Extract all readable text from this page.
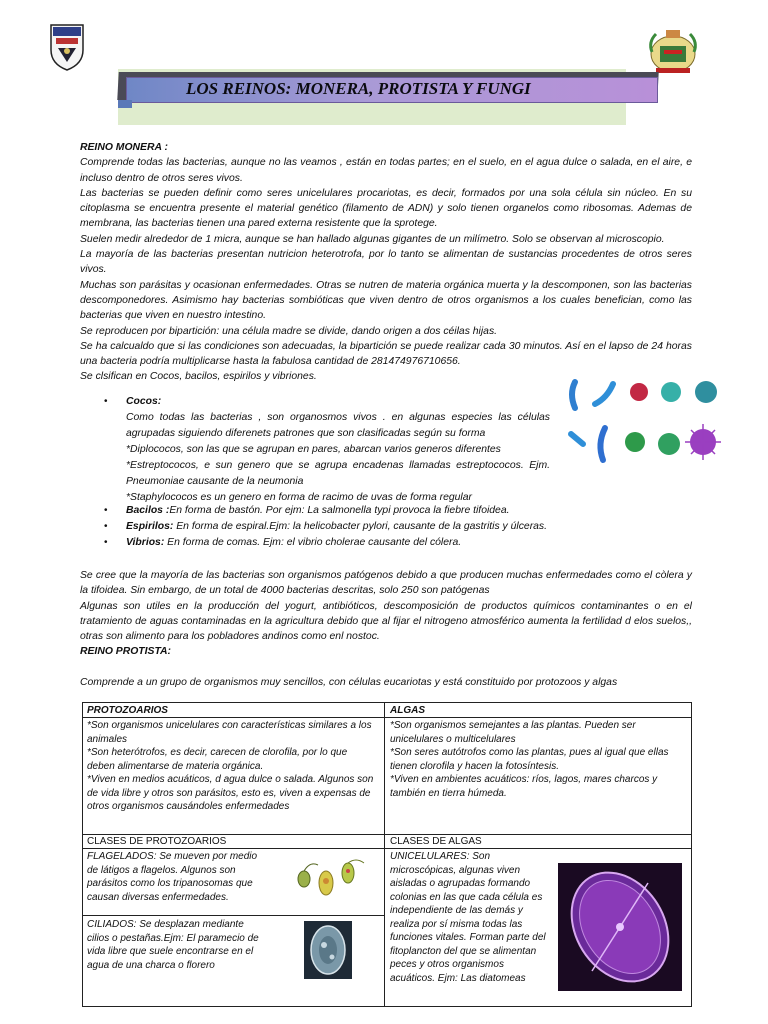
LOS REINOS: MONERA, PROTISTA Y FUNGI

REINO MONERA :

Comprende todas las bacterias, aunque no las veamos , están en todas partes; en el suelo, en el agua dulce o salada, en el aire, e incluso dentro de otros seres vivos.

Las bacterias se pueden definir como seres unicelulares procariotas, es decir, formados por una sola célula sin núcleo. En su citoplasma se encuentra presente el material genético (filamento de ADN) y solo tienen organelos como ribosomas. Ademas de membrana, las bacterias tienen una pared externa resistente que la sprotege.

Suelen medir alrededor de 1 micra, aunque se han hallado algunas gigantes de un milímetro. Solo se observan al microscopio.

La mayoría de las bacterias presentan nutricion heterotrofa, por lo tanto se alimentan de sustancias procedentes de otros seres vivos.

Muchas son parásitas y ocasionan enfermedades. Otras se nutren de materia orgánica muerta y la descomponen, son las bacterias descomponedores. Asimismo hay bacterias sombióticas que viven dentro de otros organismos a los cuales benefician, como las bacterias que viven en nuestro intestino.

Se reproducen por bipartición: una célula madre se divide, dando origen a dos céilas hijas.

Se ha calcualdo que si las condiciones son adecuadas, la bipartición se puede realizar cada 30 minutos. Así en el lapso de 24 horas una bacteria podría multiplicarse hasta la fabulosa cantidad de 281474976710656.

Se clsifican en Cocos, bacilos, espirilos y vibriones.

• Cocos:

Como todas las bacterias , son organosmos vivos . en algunas especies las células agrupadas siguiendo diferenets patrones que son clasificadas según su forma

*Diplococos, son las que se agrupan en pares, abarcan varios generos diferentes

*Estreptococos, e sun genero que se agrupa encadenas llamadas estreptococos. Ejm. Pneumoniae causante de la neumonia

*Staphylococos es un genero en forma de racimo de uvas de forma regular

• Bacilos :En forma de bastón. Por ejm: La salmonella typi provoca la fiebre tifoidea.
• Espirilos: En forma de espiral.Ejm: la helicobacter pylori, causante de la gastritis y úlceras.
• Vibrios: En forma de comas. Ejm: el vibrio cholerae causante del cólera.

Se cree que la mayoría de las bacterias son organismos patógenos debido a que producen muchas enfermedades como el còlera y la tifoidea. Sin embargo, de un total de 4000 bacterias descritas, solo 250 son patógenas

Algunas son utiles en la producción del yogurt, antibióticos, descomposición de productos químicos contaminantes o en el tratamiento de aguas contaminadas en la agricultura debido que al fijar el nitrogeno atmosférico aumenta la fertilidad d elos suelos,, otras son alimento para los pobladores andinos como enl nostoc.

REINO PROTISTA:

Comprende a un grupo de organismos muy sencillos, con células eucariotas y está constituido por protozoos y algas
PROTOZOARIOS	ALGAS

*Son organismos unicelulares con características similares a los animales

*Son heterótrofos, es decir, carecen de clorofila, por lo que deben alimentarse de materia orgánica.

*Viven en medios acuáticos, d agua dulce o salada. Algunos son de vida libre y otros son parásitos, esto es, viven a expensas de otros organismos causándoles enfermedades

*Son organismos semejantes a las plantas. Pueden ser unicelulares o multicelulares

*Son seres autótrofos como las plantas, pues al igual que ellas tienen clorofila y hacen la fotosíntesis.

*Viven en ambientes acuáticos: ríos, lagos, mares charcos y también en tierra húmeda.

CLASES DE PROTOZOARIOS	CLASES DE ALGAS
FLAGELADOS: Se mueven por medio de látigos a flagelos. Algunos son parásitos como los tripanosomas que causan diversas enfermedades.
CILIADOS: Se desplazan mediante cilios o pestañas.Ejm: El paramecio de vida libre que suele encontrarse en el agua de una charca o florero
UNICELULARES: Son microscópicas, algunas viven aisladas o agrupadas formando colonias en las que cada célula es independiente de las demás y realiza por sí misma todas las funciones vitales. Forman parte del fitoplancton del que se alimentan peces y otros organismos acuáticos. Ejm: Las diatomeas
